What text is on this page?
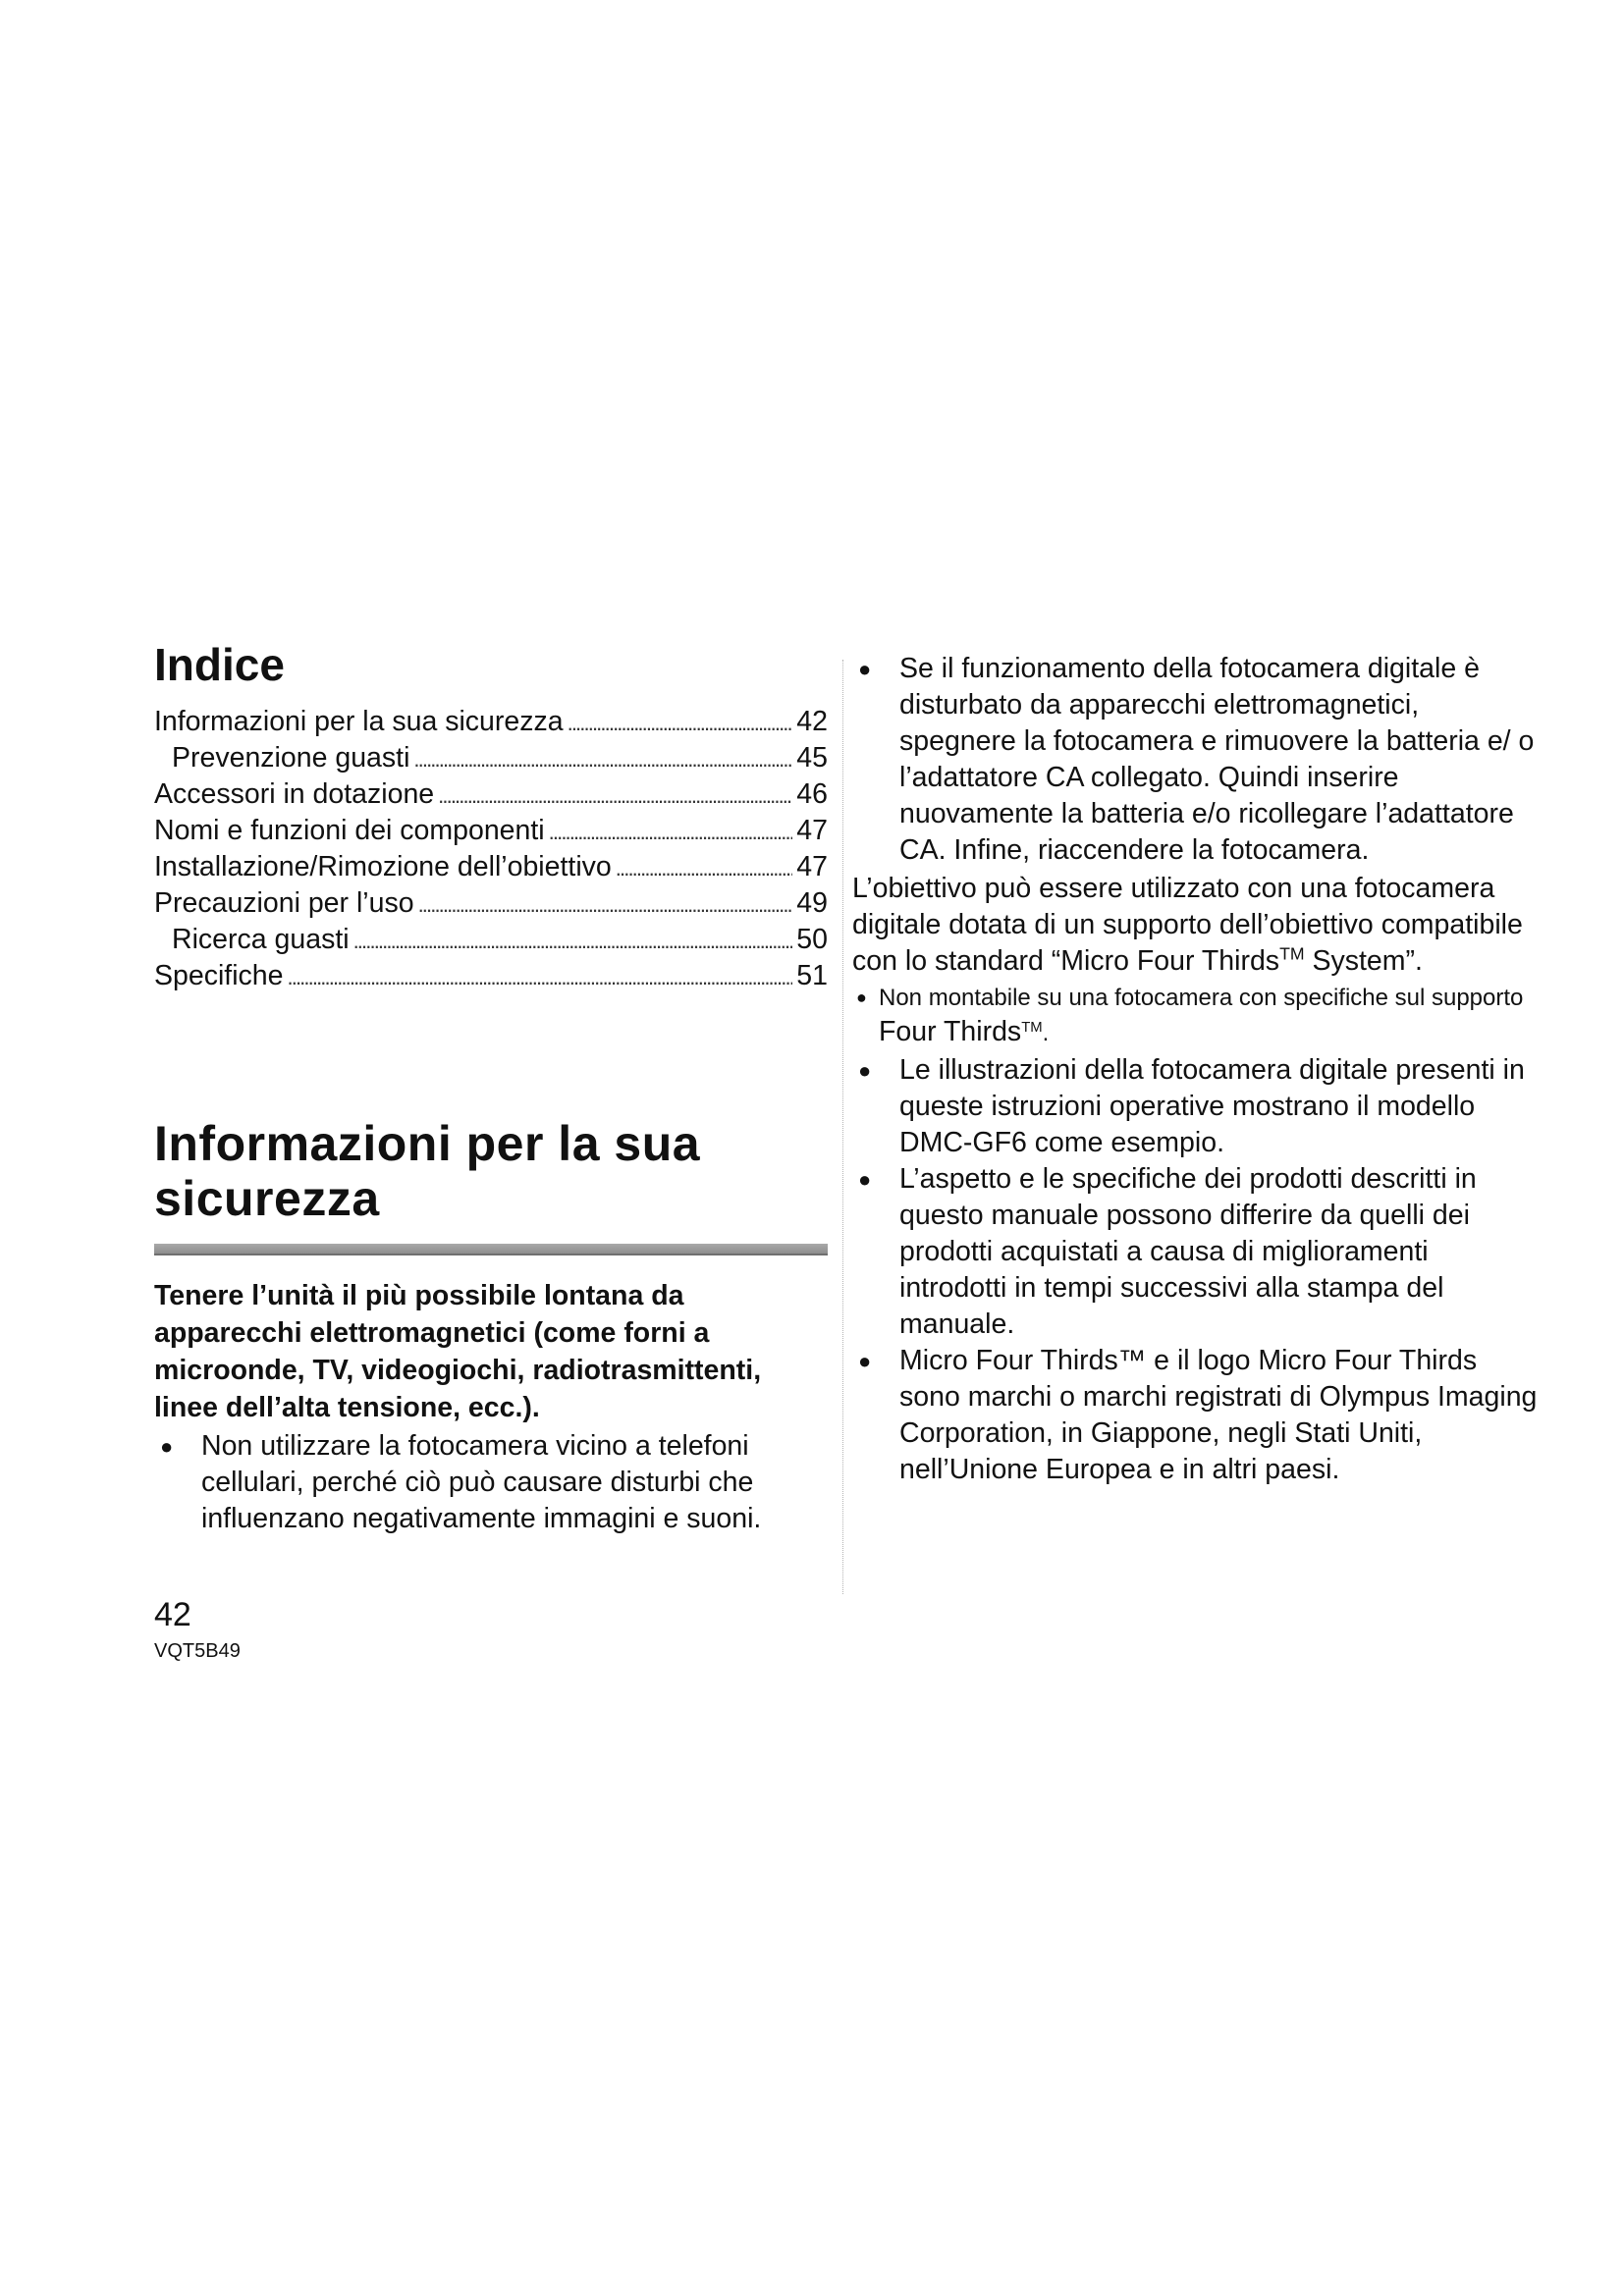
Indice
Informazioni per la sua sicurezza . . .	42
Prevenzione guasti . . .	45
Accessori in dotazione . . .	46
Nomi e funzioni dei componenti . . .	47
Installazione/Rimozione dell’obiettivo . . .	47
Precauzioni per l’uso . . .	49
Ricerca guasti . . .	50
Specifiche . . .	51
Informazioni per la sua
sicurezza

Tenere l’unità il più possibile lontana da apparecchi elettromagnetici (come forni a microonde, TV, videogiochi, radiotrasmittenti, linee dell’alta tensione, ecc.).

● Non utilizzare la fotocamera vicino a telefoni cellulari, perché ciò può causare disturbi che influenzano negativamente immagini e suoni.
● Se il funzionamento della fotocamera digitale è disturbato da apparecchi elettromagnetici, spegnere la fotocamera e rimuovere la batteria e/ o l’adattatore CA collegato. Quindi inserire nuovamente la batteria e/o ricollegare l’adattatore CA. Infine, riaccendere la fotocamera.
L’obiettivo può essere utilizzato con una fotocamera digitale dotata di un supporto dell’obiettivo compatibile con lo standard “Micro Four Thirds™ System”.
● Non montabile su una fotocamera con specifiche sul supporto Four Thirds™.
● Le illustrazioni della fotocamera digitale presenti in queste istruzioni operative mostrano il modello DMC-GF6 come esempio.
● L’aspetto e le specifiche dei prodotti descritti in questo manuale possono differire da quelli dei prodotti acquistati a causa di miglioramenti introdotti in tempi successivi alla stampa del manuale.
● Micro Four Thirds™ e il logo Micro Four Thirds sono marchi o marchi registrati di Olympus Imaging Corporation, in Giappone, negli Stati Uniti, nell’Unione Europea e in altri paesi.
42
VQT5B49
